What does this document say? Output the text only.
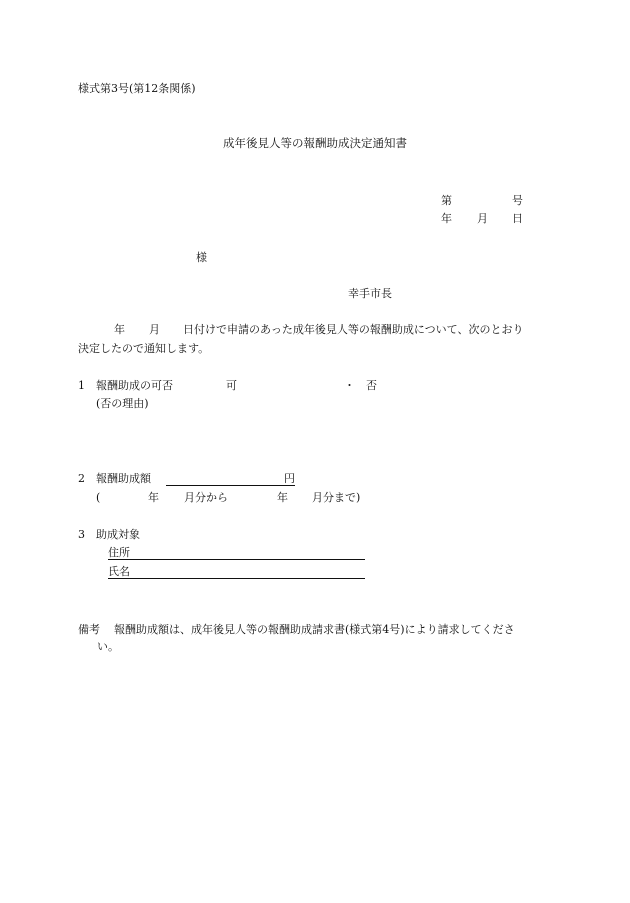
様式第3号(第12条関係)
成年後見人等の報酬助成決定通知書
第	号
年 月 日
様
幸手市長
年 月 日付けで申請のあった成年後見人等の報酬助成について、次のとおり
決定したので通知します。
1 報酬助成の可否	可	・ 否
(否の理由)
2 報酬助成額	円
(	年 月分から	年 月分まで)
3 助成対象
住所
氏名
備考 報酬助成額は、成年後見人等の報酬助成請求書(様式第4号)により請求してくださ
い。
